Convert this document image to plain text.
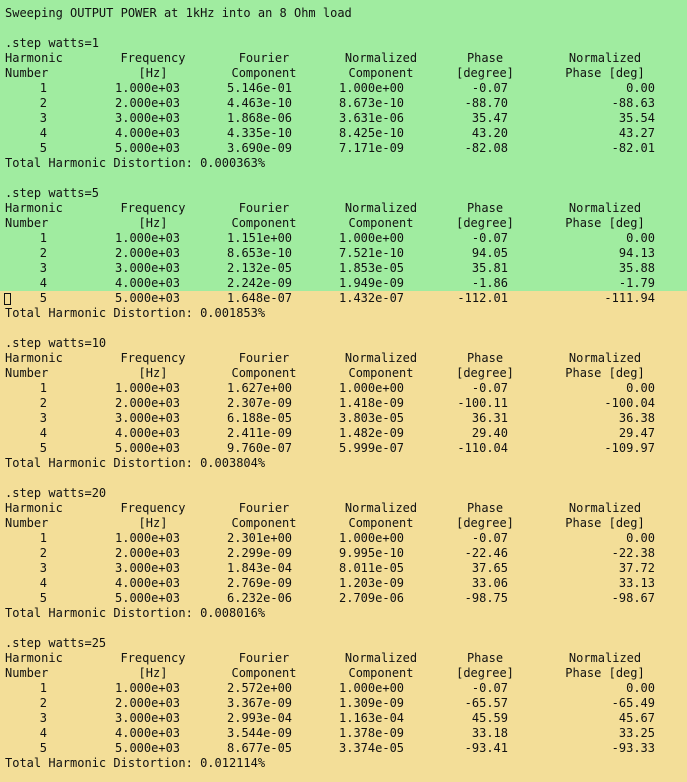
Sweeping OUTPUT POWER at 1kHz into an 8 Ohm load
.step watts=1
Harmonic	Frequency	Fourier	Normalized	Phase	Normalized
Number	[Hz]	Component	Component	[degree]	Phase [deg]
1	1.000e+03	5.146e-01	1.000e+00	-0.07	0.00
2	2.000e+03	4.463e-10	8.673e-10	-88.70	-88.63
3	3.000e+03	1.868e-06	3.631e-06	35.47	35.54
4	4.000e+03	4.335e-10	8.425e-10	43.20	43.27
5	5.000e+03	3.690e-09	7.171e-09	-82.08	-82.01
Total Harmonic Distortion: 0.000363%
.step watts=5
Harmonic	Frequency	Fourier	Normalized	Phase	Normalized
Number	[Hz]	Component	Component	[degree]	Phase [deg]
1	1.000e+03	1.151e+00	1.000e+00	-0.07	0.00
2	2.000e+03	8.653e-10	7.521e-10	94.05	94.13
3	3.000e+03	2.132e-05	1.853e-05	35.81	35.88
4	4.000e+03	2.242e-09	1.949e-09	-1.86	-1.79
5	5.000e+03	1.648e-07	1.432e-07	-112.01	-111.94
Total Harmonic Distortion: 0.001853%
.step watts=10
Harmonic	Frequency	Fourier	Normalized	Phase	Normalized
Number	[Hz]	Component	Component	[degree]	Phase [deg]
1	1.000e+03	1.627e+00	1.000e+00	-0.07	0.00
2	2.000e+03	2.307e-09	1.418e-09	-100.11	-100.04
3	3.000e+03	6.188e-05	3.803e-05	36.31	36.38
4	4.000e+03	2.411e-09	1.482e-09	29.40	29.47
5	5.000e+03	9.760e-07	5.999e-07	-110.04	-109.97
Total Harmonic Distortion: 0.003804%
.step watts=20
Harmonic	Frequency	Fourier	Normalized	Phase	Normalized
Number	[Hz]	Component	Component	[degree]	Phase [deg]
1	1.000e+03	2.301e+00	1.000e+00	-0.07	0.00
2	2.000e+03	2.299e-09	9.995e-10	-22.46	-22.38
3	3.000e+03	1.843e-04	8.011e-05	37.65	37.72
4	4.000e+03	2.769e-09	1.203e-09	33.06	33.13
5	5.000e+03	6.232e-06	2.709e-06	-98.75	-98.67
Total Harmonic Distortion: 0.008016%
.step watts=25
Harmonic	Frequency	Fourier	Normalized	Phase	Normalized
Number	[Hz]	Component	Component	[degree]	Phase [deg]
1	1.000e+03	2.572e+00	1.000e+00	-0.07	0.00
2	2.000e+03	3.367e-09	1.309e-09	-65.57	-65.49
3	3.000e+03	2.993e-04	1.163e-04	45.59	45.67
4	4.000e+03	3.544e-09	1.378e-09	33.18	33.25
5	5.000e+03	8.677e-05	3.374e-05	-93.41	-93.33
Total Harmonic Distortion: 0.012114%
